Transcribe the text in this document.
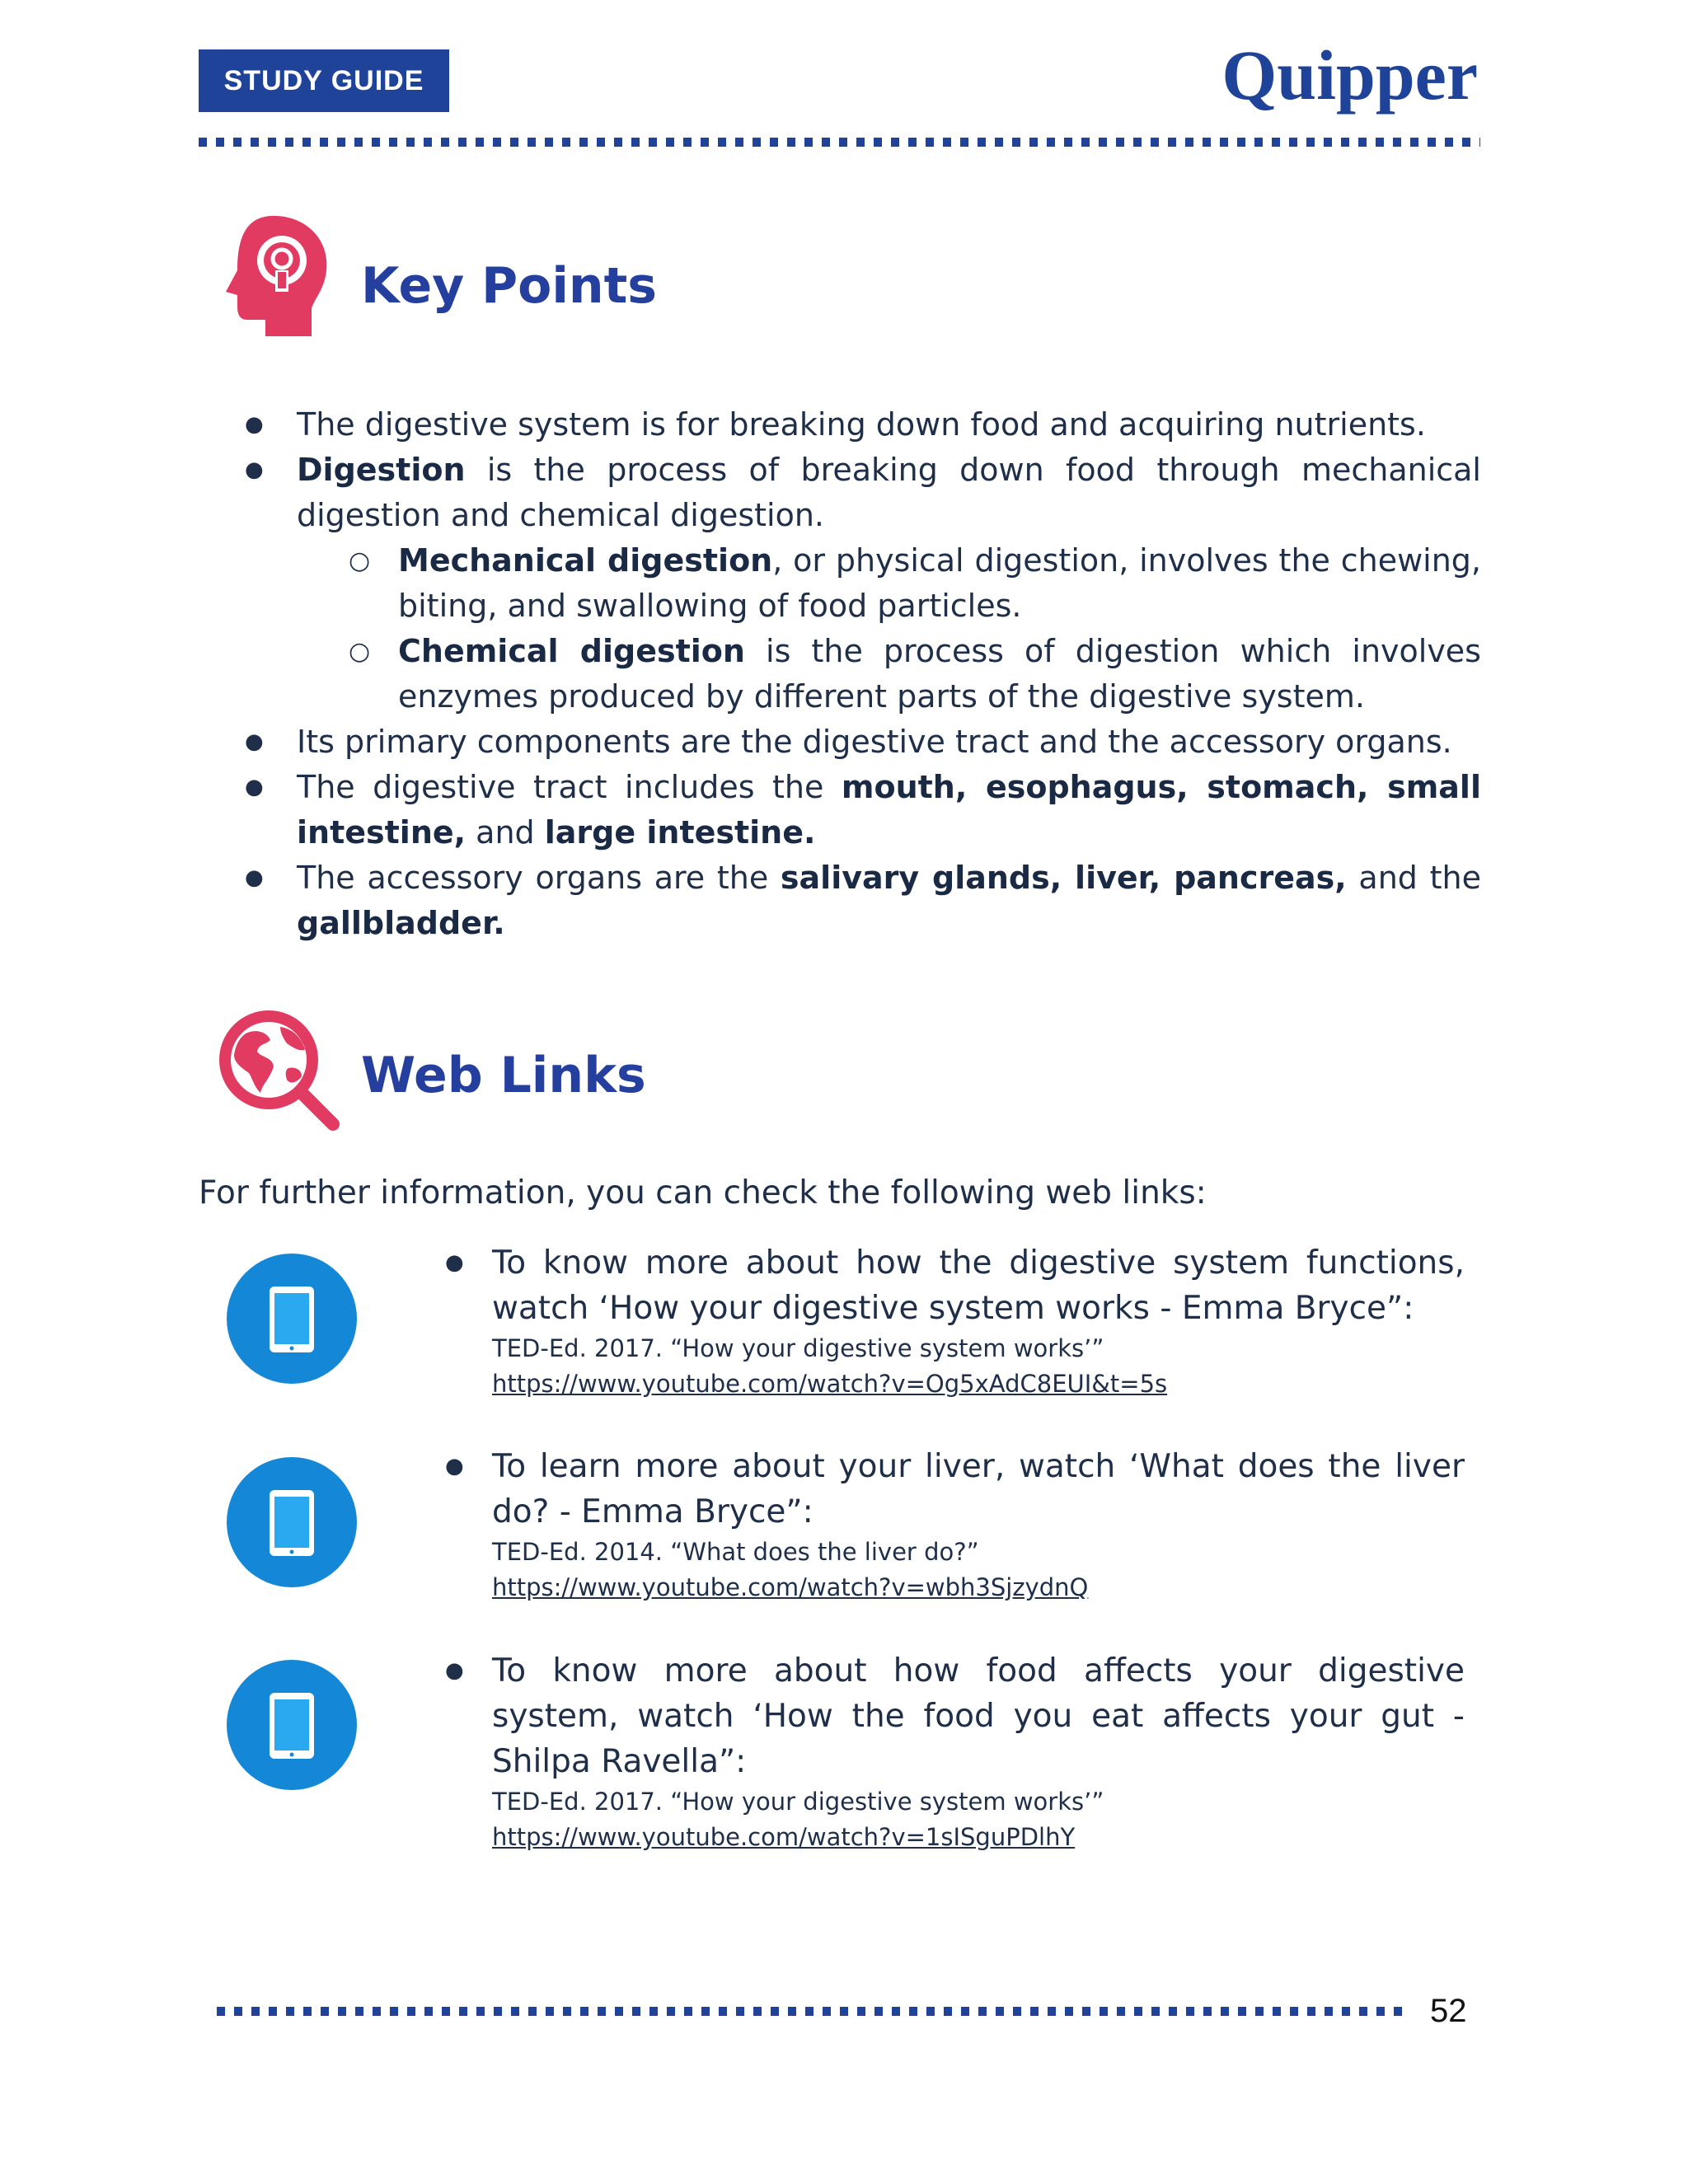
STUDY GUIDE	Quipper
Key Points
● The digestive system is for breaking down food and acquiring nutrients.
● Digestion is the process of breaking down food through mechanical digestion and chemical digestion.
○ Mechanical digestion, or physical digestion, involves the chewing, biting, and swallowing of food particles.
○ Chemical digestion is the process of digestion which involves enzymes produced by different parts of the digestive system.
● Its primary components are the digestive tract and the accessory organs.
● The digestive tract includes the mouth, esophagus, stomach, small intestine, and large intestine.
● The accessory organs are the salivary glands, liver, pancreas, and the gallbladder.
Web Links
For further information, you can check the following web links:
● To know more about how the digestive system functions, watch ‘How your digestive system works - Emma Bryce”:
TED-Ed. 2017. “How your digestive system works’”
https://www.youtube.com/watch?v=Og5xAdC8EUI&t=5s
● To learn more about your liver, watch ‘What does the liver do? - Emma Bryce”:
TED-Ed. 2014. “What does the liver do?”
https://www.youtube.com/watch?v=wbh3SjzydnQ
● To know more about how food affects your digestive system, watch ‘How the food you eat affects your gut - Shilpa Ravella”:
TED-Ed. 2017. “How your digestive system works’”
https://www.youtube.com/watch?v=1sISguPDlhY
52
